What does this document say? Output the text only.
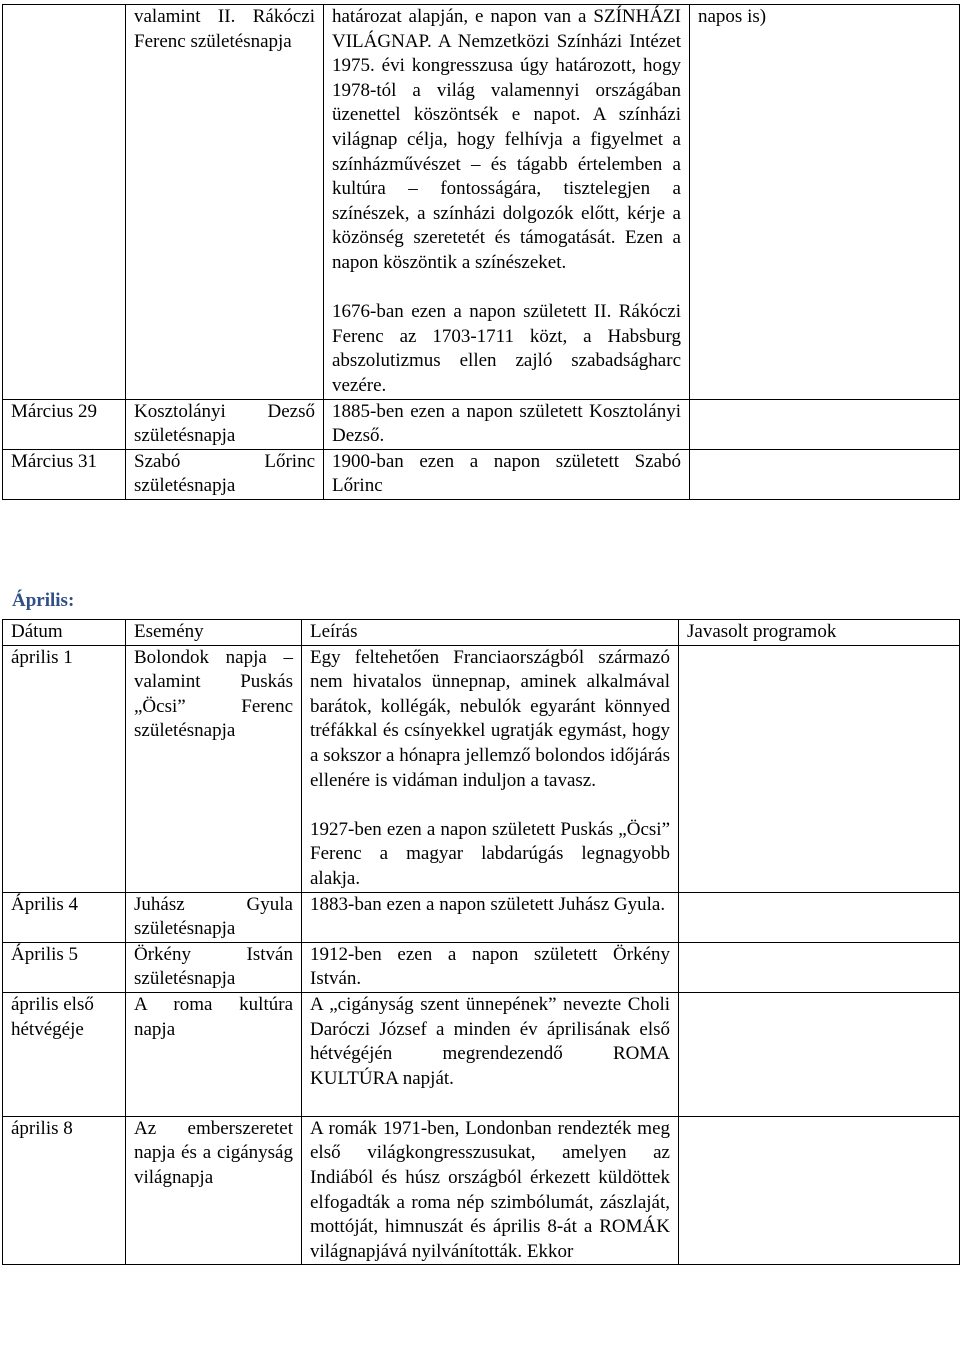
	valamint II. Rákóczi Ferenc születésnapja	határozat alapján, e napon van a SZÍNHÁZI VILÁGNAP. A Nemzetközi Színházi Intézet 1975. évi kongresszusa úgy határozott, hogy 1978-tól a világ valamennyi országában üzenettel köszöntsék e napot. A színházi világnap célja, hogy felhívja a figyelmet a színházművészet – és tágabb értelemben a kultúra – fontosságára, tisztelegjen a színészek, a színházi dolgozók előtt, kérje a közönség szeretetét és támogatását. Ezen a napon köszöntik a színészeket.
1676-ban ezen a napon született II. Rákóczi Ferenc az 1703-1711 közt, a Habsburg abszolutizmus ellen zajló szabadságharc vezére.	napos is)
Március 29	Kosztolányi Dezső születésnapja	1885-ben ezen a napon született Kosztolányi Dezső.	
Március 31	Szabó Lőrinc születésnapja	1900-ban ezen a napon született Szabó Lőrinc	
Április:
Dátum	Esemény	Leírás	Javasolt programok
április 1	Bolondok napja – valamint Puskás „Öcsi” Ferenc születésnapja	Egy feltehetően Franciaországból származó nem hivatalos ünnepnap, aminek alkalmával barátok, kollégák, nebulók egyaránt könnyed tréfákkal és csínyekkel ugratják egymást, hogy a sokszor a hónapra jellemző bolondos időjárás ellenére is vidáman induljon a tavasz.
1927-ben ezen a napon született Puskás „Öcsi” Ferenc a magyar labdarúgás legnagyobb alakja.	
Április 4	Juhász Gyula születésnapja	1883-ban ezen a napon született Juhász Gyula.	
Április 5	Örkény István születésnapja	1912-ben ezen a napon született Örkény István.	
április első hétvégéje	A roma kultúra napja	A „cigányság szent ünnepének” nevezte Choli Daróczi József a minden év áprilisának első hétvégéjén megrendezendő ROMA KULTÚRA napját.

április 8	Az emberszeretet napja és a cigányság világnapja	A romák 1971-ben, Londonban rendezték meg első világkongresszusukat, amelyen az Indiából és húsz országból érkezett küldöttek elfogadták a roma nép szimbólumát, zászlaját, mottóját, himnuszát és április 8-át a ROMÁK világnapjává nyilvánították. Ekkor	
